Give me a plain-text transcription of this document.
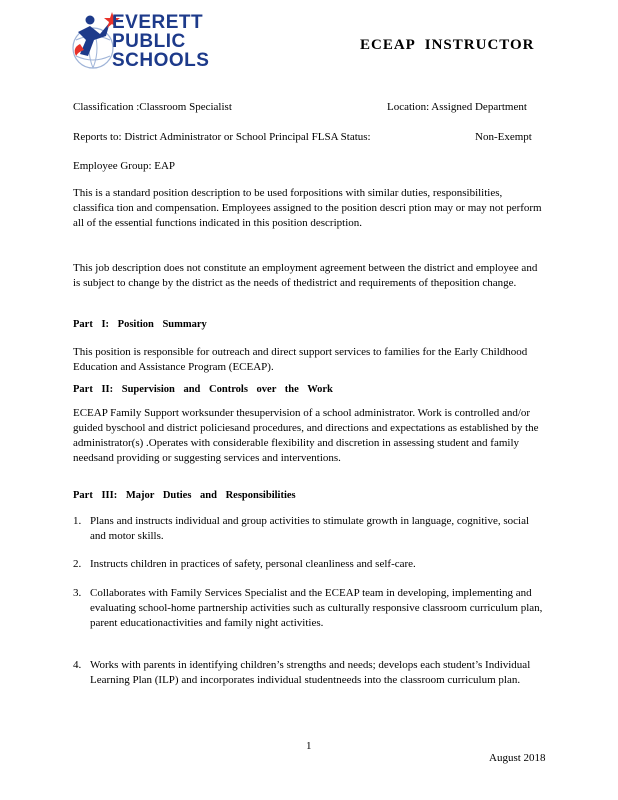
EVERETT
PUBLIC
SCHOOLS
ECEAP INSTRUCTOR
Classification :Classroom Specialist	Location: Assigned Department
Reports to: District Administrator or School Principal FLSA Status:	Non-Exempt
Employee Group: EAP
This is a standard position description to be used forpositions with similar duties, responsibilities, classifica tion and compensation. Employees assigned to the position descri ption may or may not perform all of the essential functions indicated in this position description.
This job description does not constitute an employment agreement between the district and employee and is subject to change by the district as the needs of thedistrict and requirements of theposition change.
Part I: Position Summary
This position is responsible for outreach and direct support services to families for the Early Childhood Education and Assistance Program (ECEAP).
Part II: Supervision and Controls over the Work
ECEAP Family Support worksunder thesupervision of a school administrator. Work is controlled and/or guided byschool and district policiesand procedures, and directions and expectations as established by the administrator(s) .Operates with considerable flexibility and discretion in assessing student and family needsand providing or suggesting services and interventions.
Part III: Major Duties and Responsibilities
1. Plans and instructs individual and group activities to stimulate growth in language, cognitive, social and motor skills.
2. Instructs children in practices of safety, personal cleanliness and self-care.
3. Collaborates with Family Services Specialist and the ECEAP team in developing, implementing and evaluating school-home partnership activities such as culturally responsive classroom curriculum plan, parent educationactivities and family night activities.
4. Works with parents in identifying children’s strengths and needs; develops each student’s Individual Learning Plan (ILP) and incorporates individual studentneeds into the classroom curriculum plan.
1
August 2018
